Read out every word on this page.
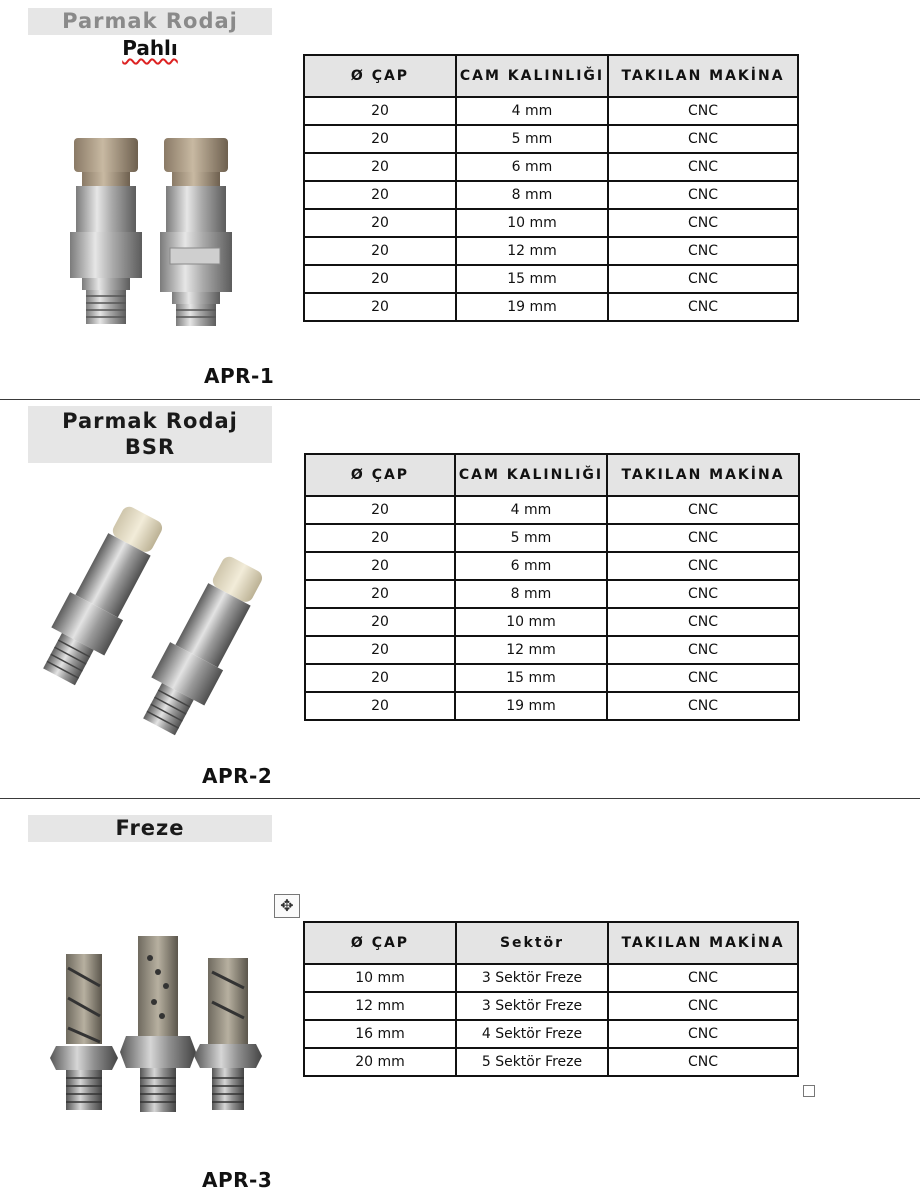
Parmak Rodaj
Pahlı
APR-1
Ø ÇAP	CAM KALINLIĞI	TAKILAN MAKİNA
20	4 mm	CNC
20	5 mm	CNC
20	6 mm	CNC
20	8 mm	CNC
20	10 mm	CNC
20	12 mm	CNC
20	15 mm	CNC
20	19 mm	CNC
Parmak Rodaj
BSR
APR-2
Ø ÇAP	CAM KALINLIĞI	TAKILAN MAKİNA
20	4 mm	CNC
20	5 mm	CNC
20	6 mm	CNC
20	8 mm	CNC
20	10 mm	CNC
20	12 mm	CNC
20	15 mm	CNC
20	19 mm	CNC
Freze
APR-3
✥
Ø ÇAP	Sektör	TAKILAN MAKİNA
10 mm	3 Sektör Freze	CNC
12 mm	3 Sektör Freze	CNC
16 mm	4 Sektör Freze	CNC
20 mm	5 Sektör Freze	CNC
